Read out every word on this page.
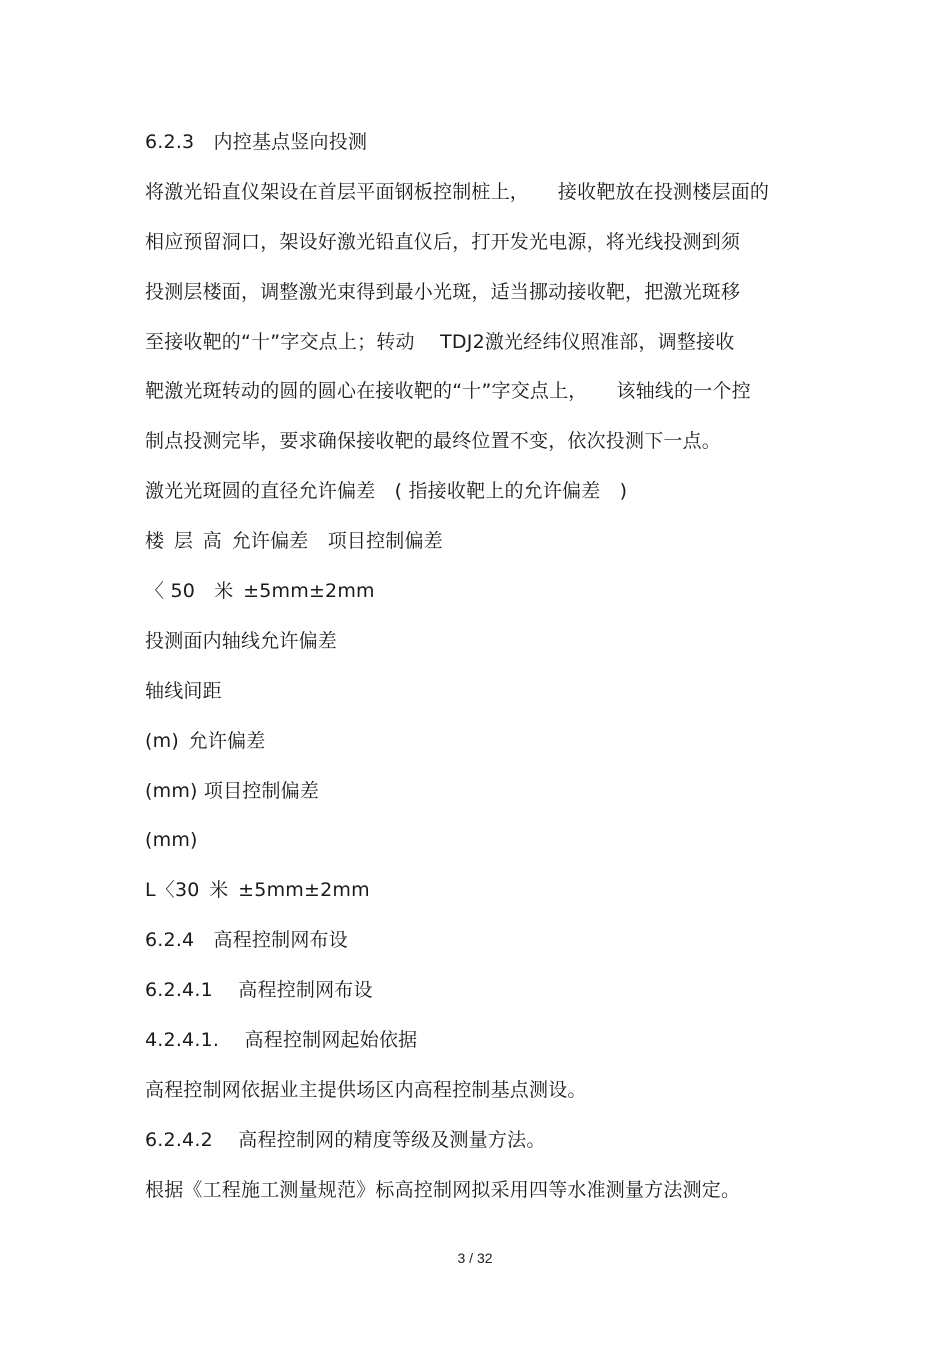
6.2.3　内控基点竖向投测
将激光铅直仪架设在首层平面钢板控制桩上，　　接收靶放在投测楼层面的
相应预留洞口，架设好激光铅直仪后，打开发光电源，将光线投测到须
投测层楼面，调整激光束得到最小光斑，适当挪动接收靶，把激光斑移
至接收靶的“十”字交点上；转动　 TDJ2激光经纬仪照准部，调整接收
靶激光斑转动的圆的圆心在接收靶的“十”字交点上，　　该轴线的一个控
制点投测完毕，要求确保接收靶的最终位置不变，依次投测下一点。
激光光斑圆的直径允许偏差　( 指接收靶上的允许偏差　)
楼 层 高 允许偏差　项目控制偏差
〈 50　米 ±5mm±2mm
投测面内轴线允许偏差
轴线间距
(m) 允许偏差
(mm) 项目控制偏差
(mm)
L〈30 米 ±5mm±2mm
6.2.4　高程控制网布设
6.2.4.1　 高程控制网布设
4.2.4.1.　 高程控制网起始依据
高程控制网依据业主提供场区内高程控制基点测设。
6.2.4.2　 高程控制网的精度等级及测量方法。
根据《工程施工测量规范》标高控制网拟采用四等水准测量方法测定。
3 / 32
